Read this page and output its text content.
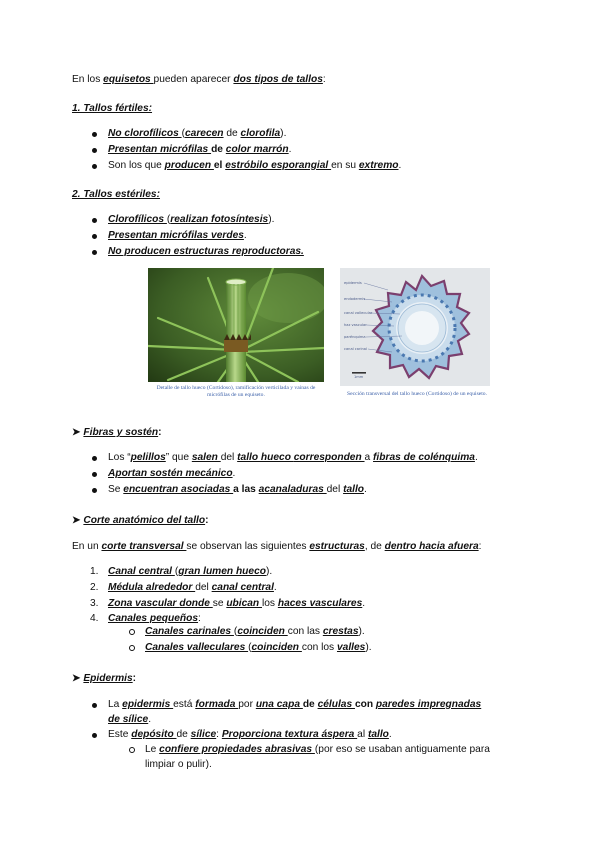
En los equisetos pueden aparecer dos tipos de tallos:
1. Tallos fértiles:
No clorofílicos (carecen de clorofila).
Presentan micrófilas de color marrón.
Son los que producen el estróbilo esporangial en su extremo.
2. Tallos estériles:
Clorofílicos (realizan fotosíntesis).
Presentan micrófilas verdes.
No producen estructuras reproductoras.
Detalle de tallo hueco (Cortidoso), ramificación verticilada y vainas de micrófilas de un equiseto.
epidermis
endodermis
canal vallecular
haz vascular
parénquima
canal carinal
1mm
Sección transversal del tallo hueco (Cortidoso) de un equiseto.
➤ Fibras y sostén:
Los “pelillos” que salen del tallo hueco corresponden a fibras de colénquima.
Aportan sostén mecánico.
Se encuentran asociadas a las acanaladuras del tallo.
➤ Corte anatómico del tallo:
En un corte transversal se observan las siguientes estructuras, de dentro hacia afuera:
1. Canal central (gran lumen hueco).
2. Médula alrededor del canal central.
3. Zona vascular donde se ubican los haces vasculares.
4. Canales pequeños:
Canales carinales (coinciden con las crestas).
Canales valleculares (coinciden con los valles).
➤ Epidermis:
La epidermis está formada por una capa de células con paredes impregnadas
de sílice.
Este depósito de sílice: Proporciona textura áspera al tallo.
Le confiere propiedades abrasivas (por eso se usaban antiguamente para
limpiar o pulir).
